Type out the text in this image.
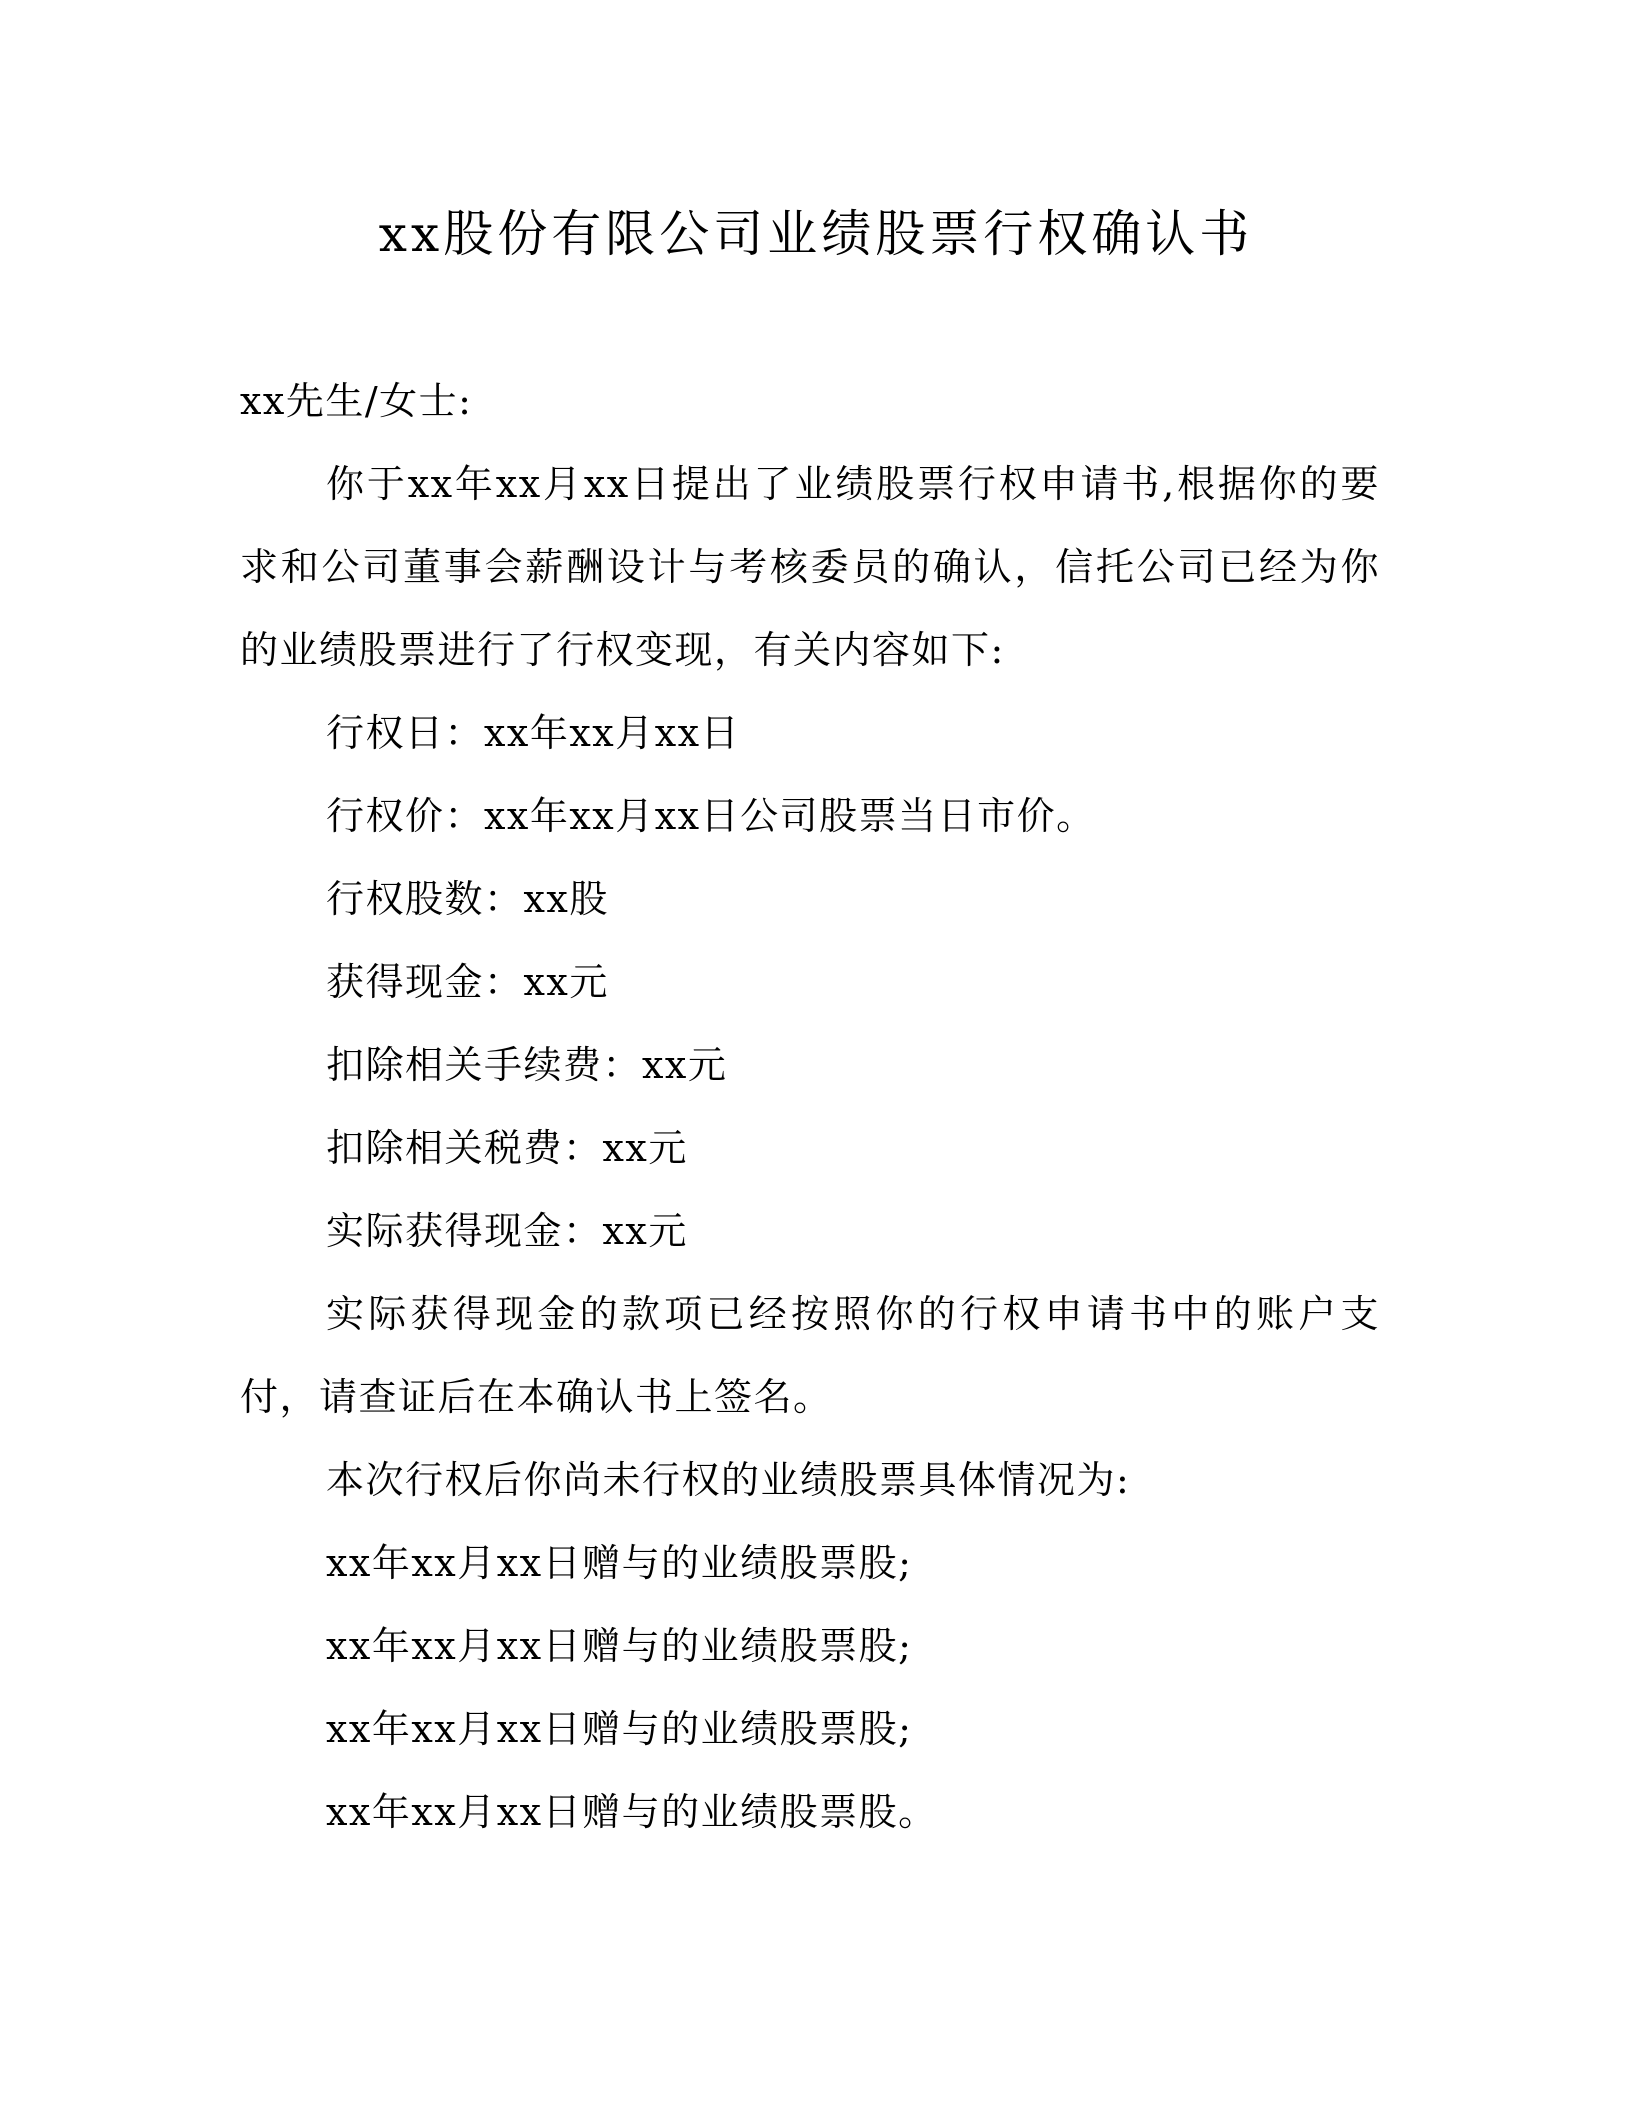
xx股份有限公司业绩股票行权确认书

xx先生/女士:

你于xx年xx月xx日提出了业绩股票行权申请书,根据你的要求和公司董事会薪酬设计与考核委员的确认，信托公司已经为你的业绩股票进行了行权变现，有关内容如下:

行权日：xx年xx月xx日

行权价：xx年xx月xx日公司股票当日市价。

行权股数：xx股

获得现金：xx元

扣除相关手续费：xx元

扣除相关税费：xx元

实际获得现金：xx元

实际获得现金的款项已经按照你的行权申请书中的账户支付，请查证后在本确认书上签名。

本次行权后你尚未行权的业绩股票具体情况为:

xx年xx月xx日赠与的业绩股票股;

xx年xx月xx日赠与的业绩股票股;

xx年xx月xx日赠与的业绩股票股;

xx年xx月xx日赠与的业绩股票股。
